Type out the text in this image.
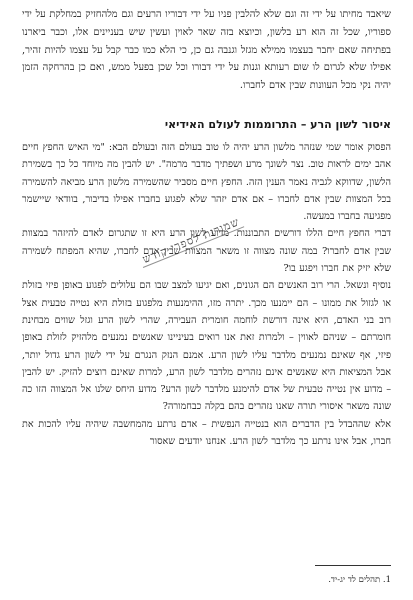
שיאבד מחיתו על ידי זה וגם שלא להלבין פניו על ידי דבוריו הרעים וגם מלהחזיק במחלקת על ידי ספוריו, שכל זה הוא רע בלשון, וכיוצא בזה שאר לאוין ועשין שיש בעניינים אלו, וכבר ביארנו בפתיחה שאם יחבר בעצמו ממילא מגזל וגנבה גם כן, כי הלא כמו כבר קבל על עצמו להיות זהיר, אפילו שלא לגרום לו שום רעותא וגנות על ידי דבורו וכל שכן בפעל ממש, ואם כן בהרחקה הזמן יהיה נקי מכל העוונות שבין אדם לחברו.

איסור לשון הרע – התרוממות לעולם האידיאי

הפסוק אומר שמי שנזהר מלשון הרע יהיה לו טוב בעולם הזה ובעולם הבא: "מי האיש החפץ חיים אהב ימים לראות טוב. נצר לשונך מרע ושפתיך מדבר מרמה". יש להבין מה מיוחד כל כך בשמירת הלשון, שדווקא לגביה נאמר הענין הזה. החפץ חיים מסביר שהשמירה מלשון הרע מביאה להשמירה בכל המצוות שבין אדם לחברו – אם אדם יזהר שלא לפגוע בחברו אפילו בדיבור, בוודאי שיישמר מפגיעה בחברו במעשה.

דברי החפץ חיים הללו דורשים התבוננות. מדוע לשון הרע היא זו שתגרום לאדם להיזהר במצוות שבין אדם לחברו? במה שונה מצווה זו משאר המצוות שבין אדם לחברו, שהיא המפתח לשמירה שלא יזיק את חברו ויפגע בו?

נוסיף ונשאל. הרי רוב האנשים הם הגונים, ואם יגיעו למצב שבו הם עלולים לפגוע באופן פיזי בזולת או לגזול את ממונו – הם יימנעו מכך. יתרה מזו, ההימנעות מלפגוע בזולת היא נטייה טבעית אצל רוב בני האדם, היא אינה דורשת לוחמה חומרית העבירה, שהרי לשון הרע וגזל שווים מבחינת חומרתם – שניהם לאווין – ולמרות זאת אנו רואים בעיניינו שאנשים נמנעים מלהזיק לזולת באופן פיזי, אף שאינם נמנעים מלדבר עליו לשון הרע. אמנם הנזק הנגרם על ידי לשון הרע גדול יותר, אבל המציאות היא שאנשים אינם נזהרים מלדבר לשון הרע, למרות שאינם רוצים להזיק. יש להבין – מדוע אין נטייה טבעית של אדם להימנע מלדבר לשון הרע? מדוע היחס שלנו אל המצווה הזו כה שונה משאר איסורי תורה שאנו נזהרים בהם בקלה כבחמורה?

אלא שההבדל בין הדברים הוא בנטייה הנפשית – אדם נרתע מהמחשבה שיהיה עליו להכות את חברו, אבל אינו נרתע כך מלדבר לשון הרע. אנחנו יודעים שאסור

1. תהלים לד יג-יד.
שמורות לספרי קודש
